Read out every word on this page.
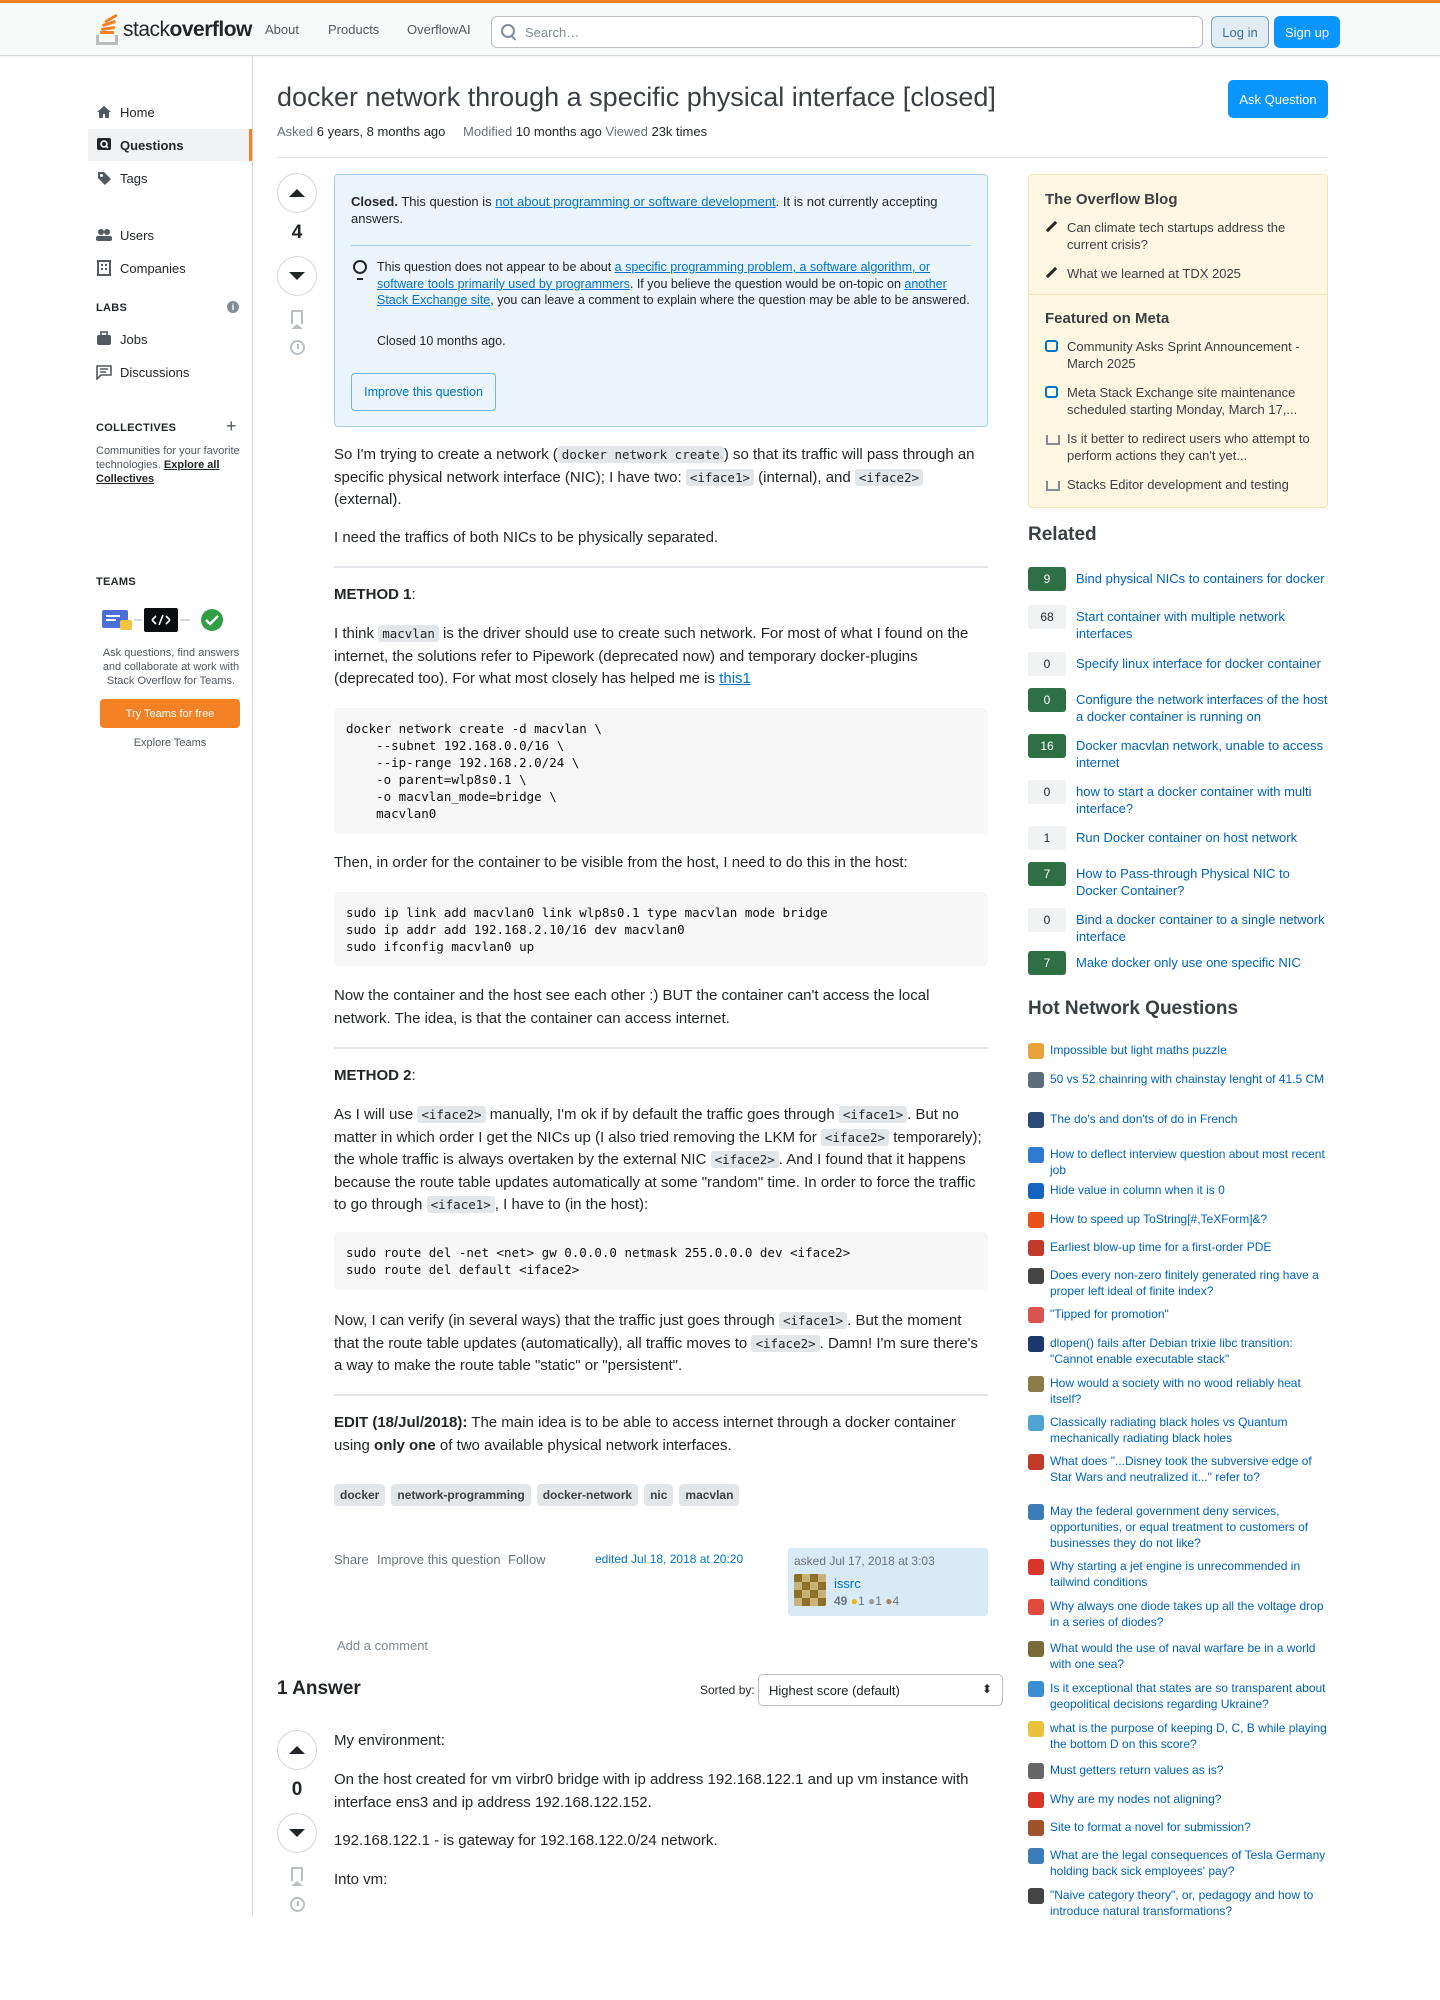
stackoverflow About Products OverflowAI
Search…	Log in	Sign up
Home
Questions
Tags
Users
Companies
LABS	i
Jobs
Discussions
COLLECTIVES	+
Communities for your favorite technologies. Explore all Collectives
TEAMS
Ask questions, find answers and collaborate at work with Stack Overflow for Teams.
Try Teams for free
Explore Teams
docker network through a specific physical interface [closed]	Ask Question
Asked 6 years, 8 months ago Modified 10 months ago Viewed 23k times
4

Closed. This question is not about programming or software development. It is not currently accepting answers.

This question does not appear to be about a specific programming problem, a software algorithm, or software tools primarily used by programmers. If you believe the question would be on-topic on another Stack Exchange site, you can leave a comment to explain where the question may be able to be answered.

Closed 10 months ago.

Improve this question
So I'm trying to create a network ( docker network create ) so that its traffic will pass through an specific physical network interface (NIC); I have two: <iface1> (internal), and <iface2> (external).
I need the traffics of both NICs to be physically separated.
METHOD 1:
I think macvlan is the driver should use to create such network. For most of what I found on the internet, the solutions refer to Pipework (deprecated now) and temporary docker-plugins (deprecated too). For what most closely has helped me is this1
docker network create -d macvlan \
--subnet 192.168.0.0/16 \
--ip-range 192.168.2.0/24 \
-o parent=wlp8s0.1 \
-o macvlan_mode=bridge \
macvlan0
Then, in order for the container to be visible from the host, I need to do this in the host:
sudo ip link add macvlan0 link wlp8s0.1 type macvlan mode bridge
sudo ip addr add 192.168.2.10/16 dev macvlan0
sudo ifconfig macvlan0 up
Now the container and the host see each other :) BUT the container can't access the local network. The idea, is that the container can access internet.
METHOD 2:
As I will use <iface2> manually, I'm ok if by default the traffic goes through <iface1> . But no matter in which order I get the NICs up (I also tried removing the LKM for <iface2> temporarely); the whole traffic is always overtaken by the external NIC <iface2> . And I found that it happens because the route table updates automatically at some "random" time. In order to force the traffic to go through <iface1> , I have to (in the host):
sudo route del -net <net> gw 0.0.0.0 netmask 255.0.0.0 dev <iface2>
sudo route del default <iface2>
Now, I can verify (in several ways) that the traffic just goes through <iface1> . But the moment that the route table updates (automatically), all traffic moves to <iface2> . Damn! I'm sure there's a way to make the route table "static" or "persistent".
EDIT (18/Jul/2018): The main idea is to be able to access internet through a docker container using only one of two available physical network interfaces.
docker	network-programming	docker-network	nic	macvlan
Share Improve this question Follow	edited Jul 18, 2018 at 20:20	asked Jul 17, 2018 at 3:03
issrc
49 ●1 ●1 ●4
Add a comment
1 Answer	Sorted by:	Highest score (default) ⬍
0
My environment:
On the host created for vm virbr0 bridge with ip address 192.168.122.1 and up vm instance with interface ens3 and ip address 192.168.122.152.
192.168.122.1 - is gateway for 192.168.122.0/24 network.
Into vm:
The Overflow Blog
Can climate tech startups address the current crisis?
What we learned at TDX 2025
Featured on Meta
Community Asks Sprint Announcement - March 2025
Meta Stack Exchange site maintenance scheduled starting Monday, March 17,...
Is it better to redirect users who attempt to perform actions they can't yet...
Stacks Editor development and testing
Related
9	Bind physical NICs to containers for docker
68	Start container with multiple network interfaces
0	Specify linux interface for docker container
0	Configure the network interfaces of the host a docker container is running on
16	Docker macvlan network, unable to access internet
0	how to start a docker container with multi interface?
1	Run Docker container on host network
7	How to Pass-through Physical NIC to Docker Container?
0	Bind a docker container to a single network interface
7	Make docker only use one specific NIC
Hot Network Questions
Impossible but light maths puzzle
50 vs 52 chainring with chainstay lenght of 41.5 CM
The do's and don'ts of do in French
How to deflect interview question about most recent job
Hide value in column when it is 0
How to speed up ToString[#,TeXForm]&?
Earliest blow-up time for a first-order PDE
Does every non-zero finitely generated ring have a proper left ideal of finite index?
"Tipped for promotion"
dlopen() fails after Debian trixie libc transition: "Cannot enable executable stack"
How would a society with no wood reliably heat itself?
Classically radiating black holes vs Quantum mechanically radiating black holes
What does "...Disney took the subversive edge of Star Wars and neutralized it..." refer to?
May the federal government deny services, opportunities, or equal treatment to customers of businesses they do not like?
Why starting a jet engine is unrecommended in tailwind conditions
Why always one diode takes up all the voltage drop in a series of diodes?
What would the use of naval warfare be in a world with one sea?
Is it exceptional that states are so transparent about geopolitical decisions regarding Ukraine?
what is the purpose of keeping D, C, B while playing the bottom D on this score?
Must getters return values as is?
Why are my nodes not aligning?
Site to format a novel for submission?
What are the legal consequences of Tesla Germany holding back sick employees' pay?
"Naive category theory", or, pedagogy and how to introduce natural transformations?
